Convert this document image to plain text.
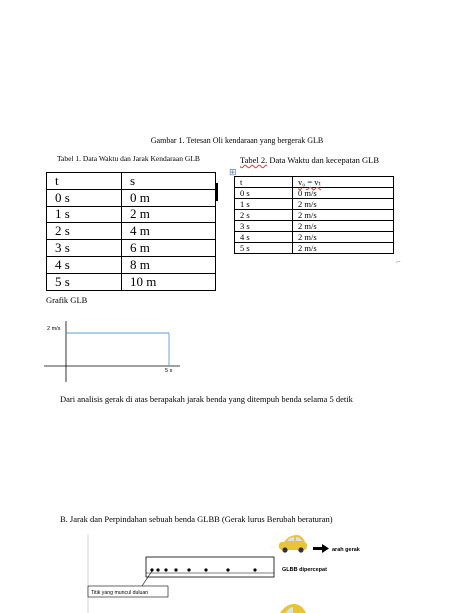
Gambar 1. Tetesan Oli kendaraan yang bergerak GLB
Tabel 1. Data Waktu dan Jarak Kendaraan GLB	Tabel 2. Data Waktu dan kecepatan GLB
t	s
0 s	0 m
1 s	2 m
2 s	4 m
3 s	6 m
4 s	8 m
5 s	10 m
⊞
t	v₀ = vₜ
0 s	0 m/s
1 s	2 m/s
2 s	2 m/s
3 s	2 m/s
4 s	2 m/s
5 s	2 m/s
⌐
Grafik GLB
2 m/s
5 s
Dari analisis gerak di atas berapakah jarak benda yang ditempuh benda selama 5 detik
B. Jarak dan Perpindahan sebuah benda GLBB (Gerak lurus Berubah beraturan)
∙∙∙	arah gerak
GLBB dipercepat
Titik yang muncul duluan
